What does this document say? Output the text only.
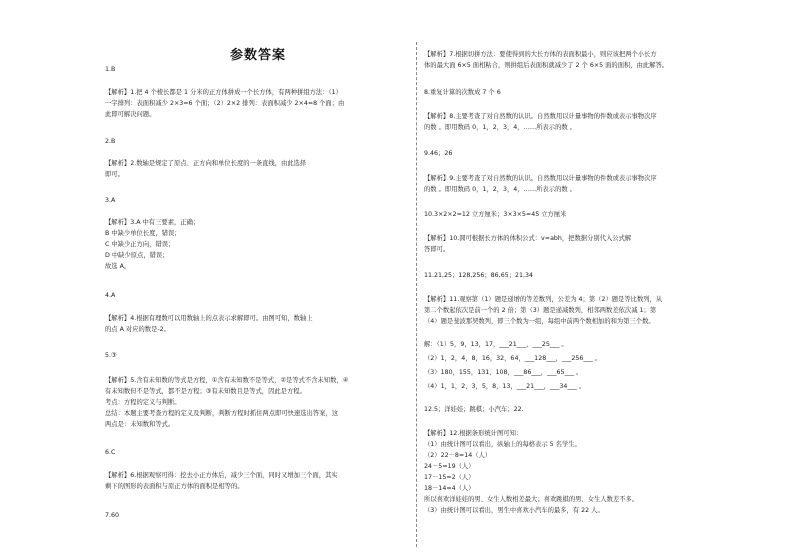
参数答案
1.B
【解析】1.把 4 个棱长都是 1 分米的正方体拼成一个长方体，有两种拼组方法：（1）
一字排列：表面积减少 2×3=6 个面；（2）2×2 排列：表面积减少 2×4=8 个面；由
此即可解决问题。
2.B
【解析】2.数轴是规定了原点、正方向和单位长度的一条直线，由此选择
即可。
3.A
【解析】3.A 中有三要素，正确；
B 中缺少单位长度，错误；
C 中缺少正方向，错误；
D 中缺少原点，错误；
故选 A。
4.A
【解析】4.根据有理数可以用数轴上的点表示求解即可。由图可知，数轴上
的点 A 对应的数是-2。
5.③
【解析】5.含有未知数的等式是方程，①含有未知数不是等式，②是等式不含未知数，④
有未知数但不是等式，都不是方程；③有未知数且是等式，因此是方程。
考点：方程的定义与判断。
总结：本题主要考查方程的定义及判断，判断方程时抓住两点即可快速选出答案，这
两点是：未知数和等式。
6.C
【解析】6.根据观察可得：挖去小正方体后，减少三个面，同时又增加三个面，其实
剩下的图形的表面积与原正方体的面积是相等的。
7.60
【解析】7.根据切拼方法：要使得到的大长方体的表面积最小，则应该把两个小长方
体的最大面 6×5 面相粘合，则拼组后表面积就减少了 2 个 6×5 面的面积，由此解答。
8.重复计算的次数成 7 个 6
【解析】8.主要考查了对自然数的认识。自然数用以计量事物的件数或表示事物次序
的数 。即用数码 0，1，2，3，4，……所表示的数 。
9.46；26
【解析】9.主要考查了对自然数的认识。自然数用以计量事物的件数或表示事物次序
的数 。即用数码 0，1，2，3，4，……所表示的数 。
10.3×2×2=12 立方厘米；3×3×5=45 立方厘米
【解析】10.圆可根据长方体的体积公式：v=abh，把数据分别代入公式解
答即可。
11.21,25；128,256；86,65；21,34
【解析】11.观察第（1）题是递增的等差数列，公差为 4；第（2）题是等比数列，从
第二个数起依次是前一个的 2 倍；第（3）题是递减数列，相邻两数差依次减 1；第
（4）题是斐波那契数列，即三个数为一组，每组中前两个数相加的和为第三个数。
解：（1）5，9，13，17，___21___，___25___ 。
（2）1，2，4，8，16，32，64，___128___，___256___ 。
（3）180，155，131，108，___86___，___65___ 。
（4）1，1，2，3，5，8，13，___21___，___34___ 。
12.5；洋娃娃；跳棋；小汽车；22.
【解析】12.根据条形统计图可知：
（1）由统计图可以看出，纵轴上的每格表示 5 名学生。
（2）22－8=14（人）
24－5=19（人）
17－15=2（人）
18－14=4（人）
所以喜欢洋娃娃的男、女生人数相差最大；喜欢跳棋的男、女生人数差不多。
（3）由统计图可以看出，男生中喜欢小汽车的最多，有 22 人。
